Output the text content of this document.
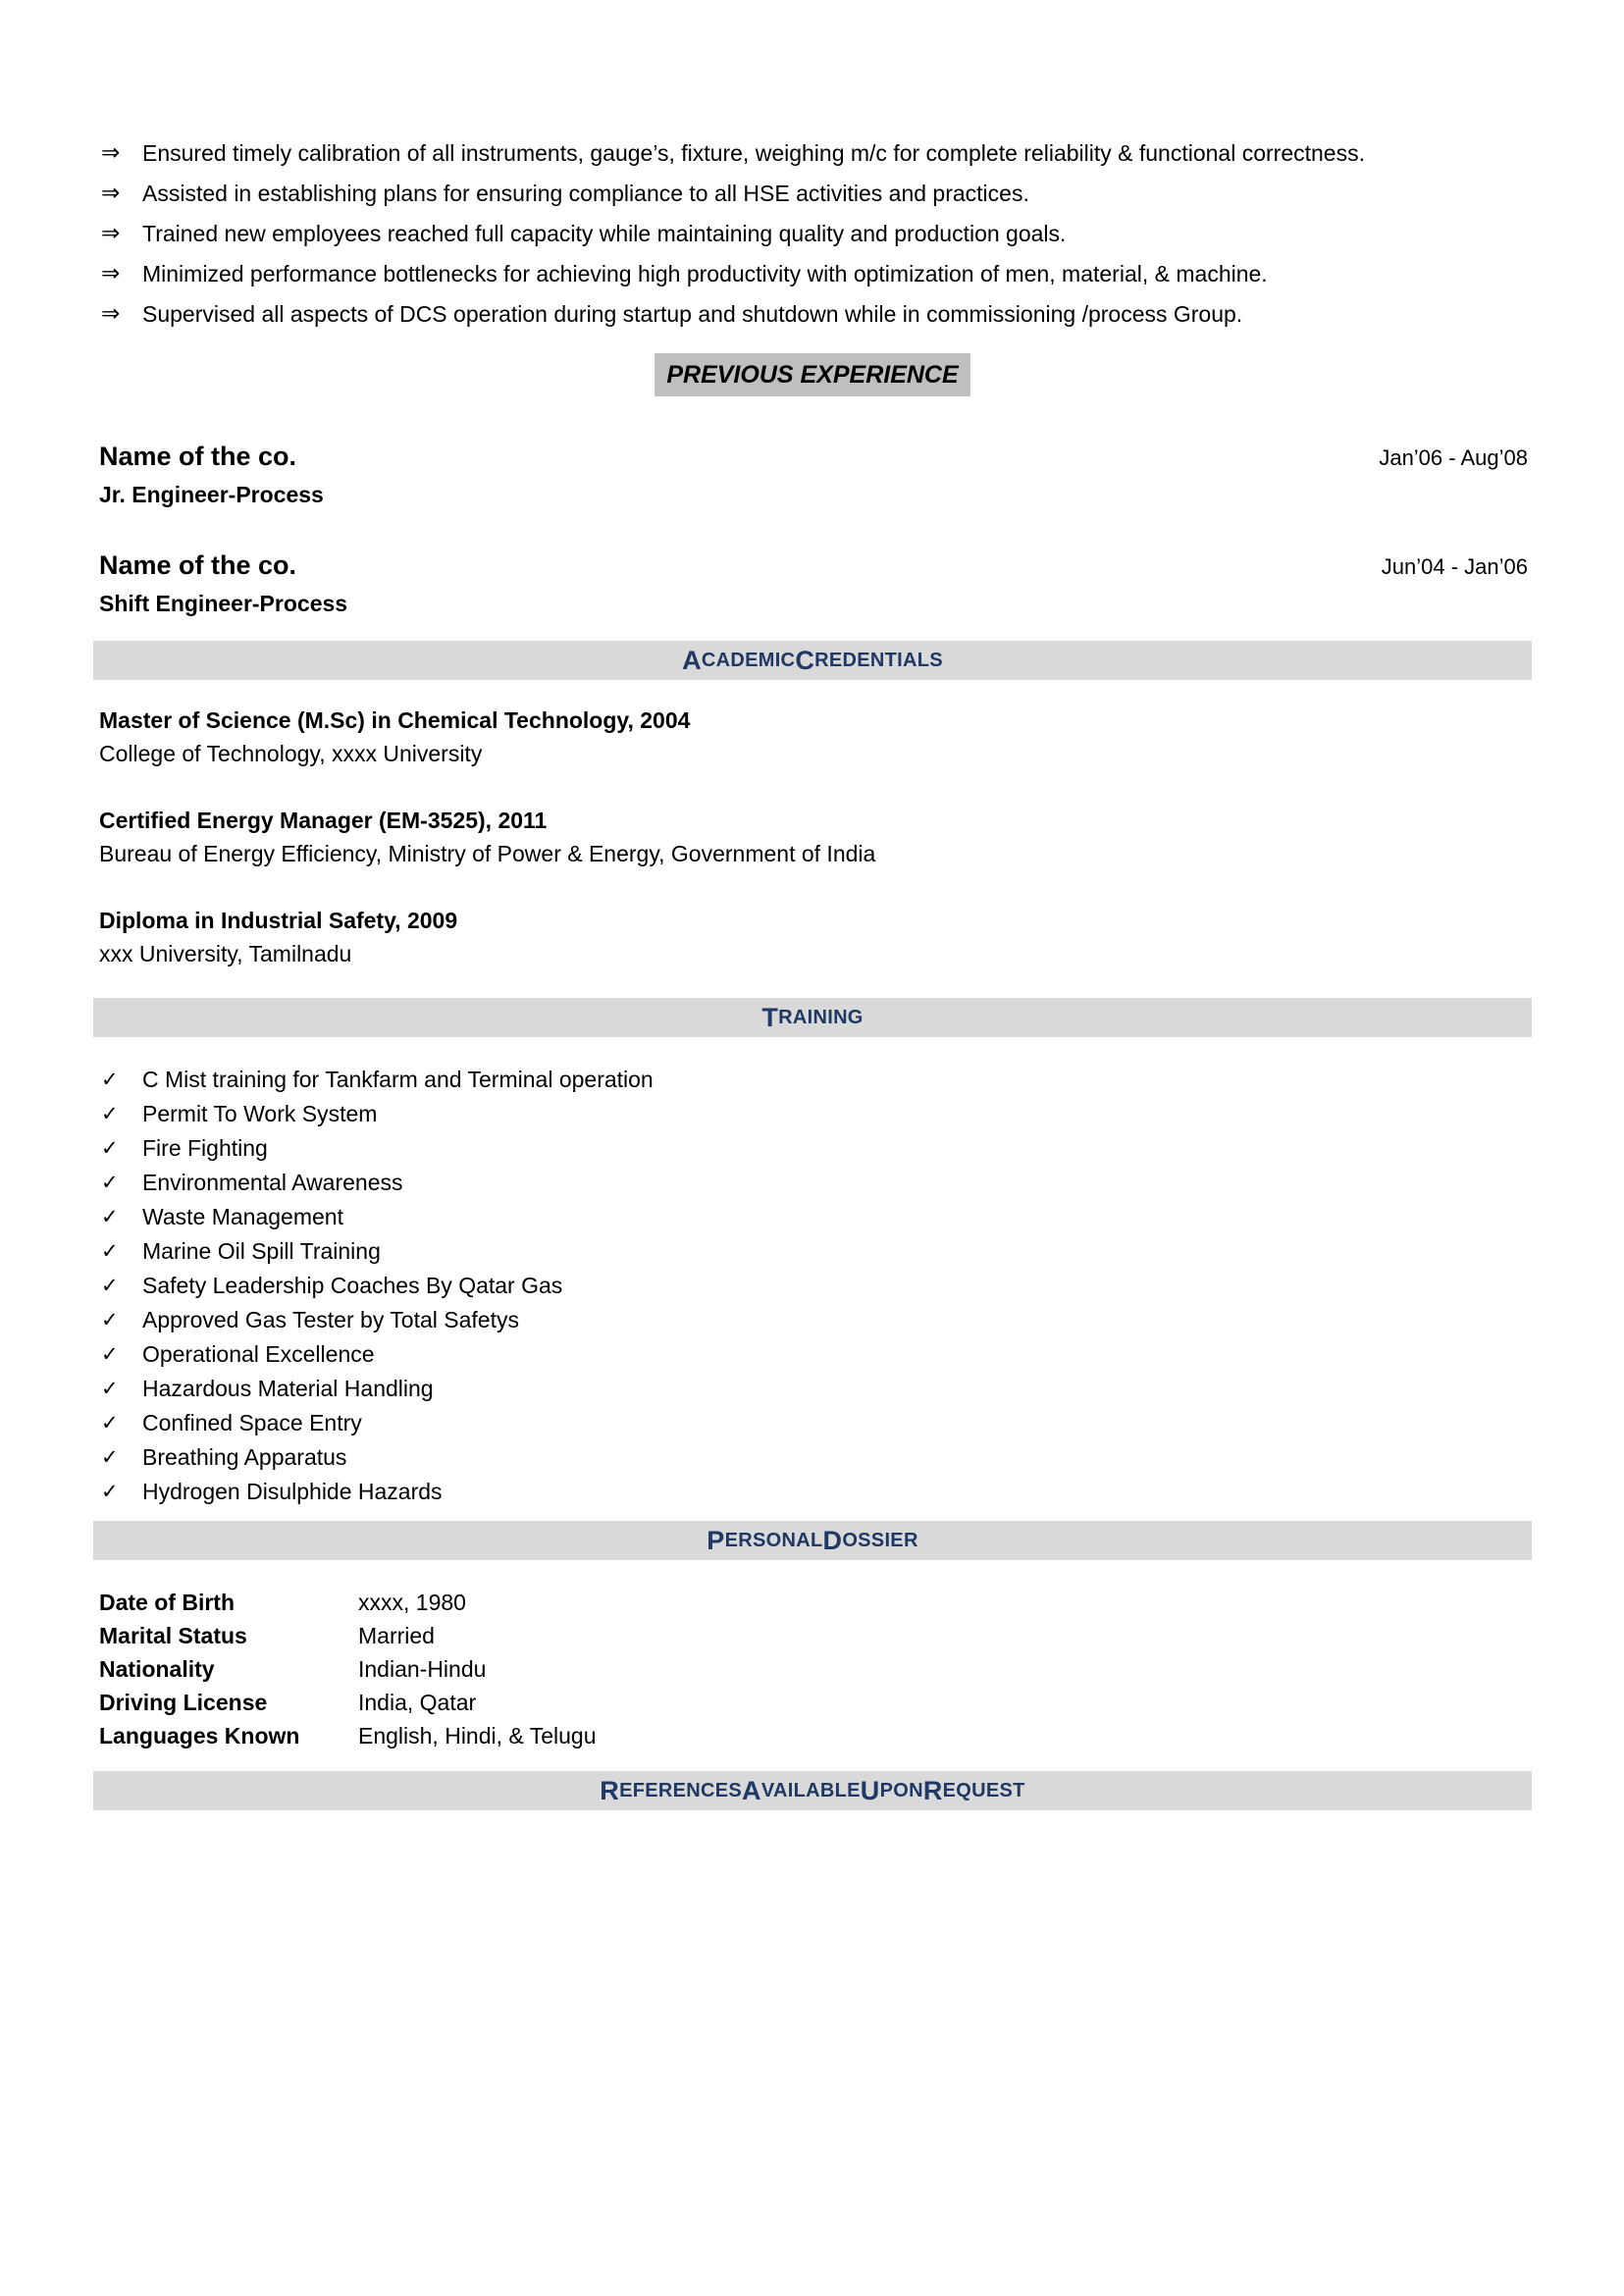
⇒ Ensured timely calibration of all instruments, gauge’s, fixture, weighing m/c for complete reliability & functional correctness.
⇒ Assisted in establishing plans for ensuring compliance to all HSE activities and practices.
⇒ Trained new employees reached full capacity while maintaining quality and production goals.
⇒ Minimized performance bottlenecks for achieving high productivity with optimization of men, material, & machine.
⇒ Supervised all aspects of DCS operation during startup and shutdown while in commissioning /process Group.
PREVIOUS EXPERIENCE
Name of the co.	Jan’06 - Aug’08
Jr. Engineer-Process
Name of the co.	Jun’04 - Jan’06
Shift Engineer-Process
A CADEMIC C REDENTIALS
Master of Science (M.Sc) in Chemical Technology, 2004
College of Technology, xxxx University
Certified Energy Manager (EM-3525), 2011
Bureau of Energy Efficiency, Ministry of Power & Energy, Government of India
Diploma in Industrial Safety, 2009
xxx University, Tamilnadu
T RAINING
✓	C Mist training for Tankfarm and Terminal operation
✓	Permit To Work System
✓	Fire Fighting
✓	Environmental Awareness
✓	Waste Management
✓	Marine Oil Spill Training
✓	Safety Leadership Coaches By Qatar Gas
✓	Approved Gas Tester by Total Safetys
✓	Operational Excellence
✓	Hazardous Material Handling
✓	Confined Space Entry
✓	Breathing Apparatus
✓	Hydrogen Disulphide Hazards
P ERSONAL D OSSIER
Date of Birth	xxxx, 1980
Marital Status	Married
Nationality	Indian-Hindu
Driving License	India, Qatar
Languages Known	English, Hindi, & Telugu
R EFERENCES A VAILABLE U PON R EQUEST
